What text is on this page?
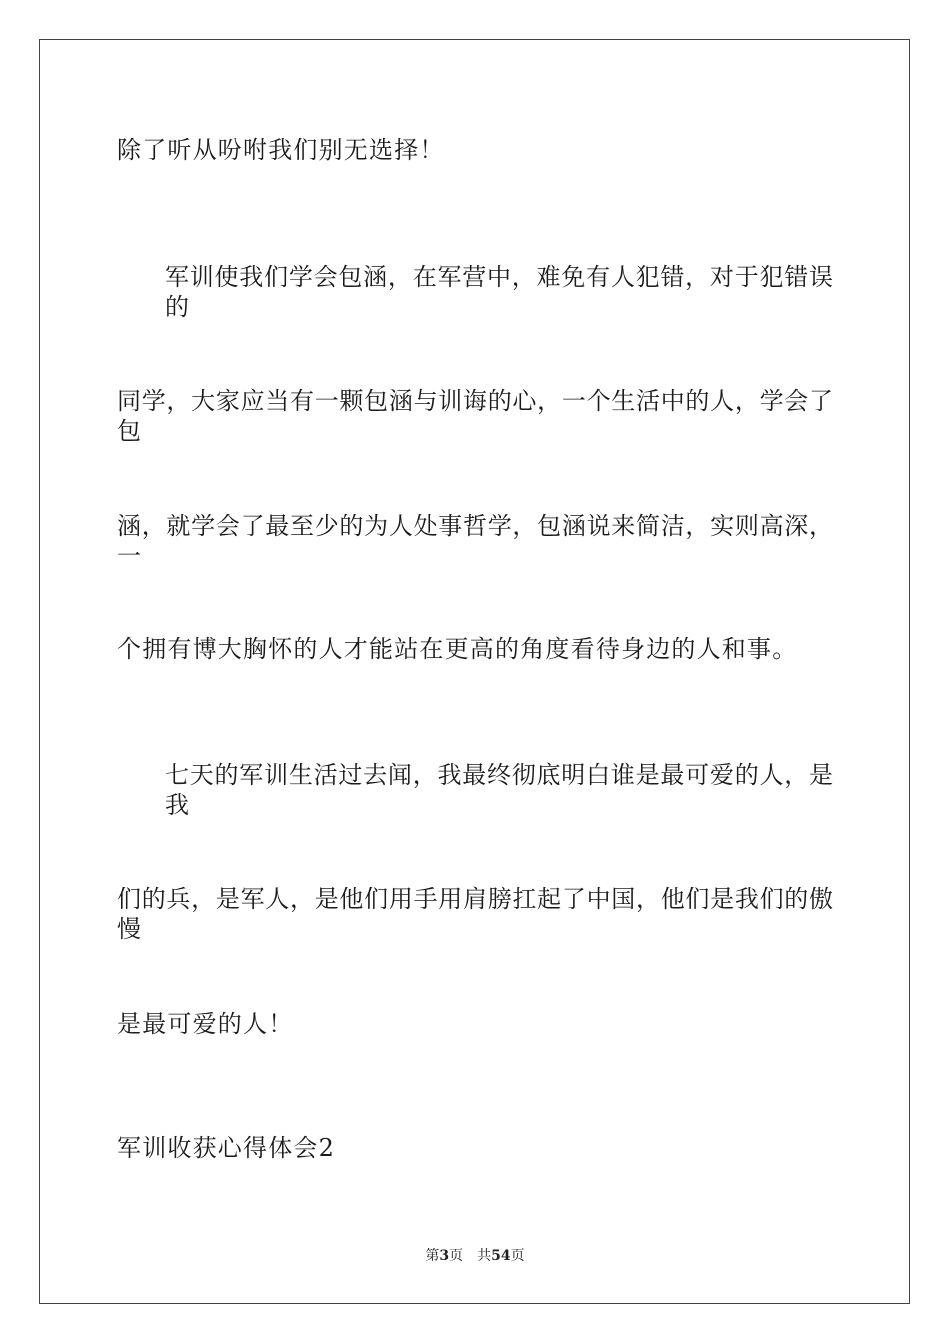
除了听从吩咐我们别无选择！
军训使我们学会包涵，在军营中，难免有人犯错，对于犯错误的
同学，大家应当有一颗包涵与训诲的心，一个生活中的人，学会了包
涵，就学会了最至少的为人处事哲学，包涵说来简洁，实则高深，一
个拥有博大胸怀的人才能站在更高的角度看待身边的人和事。
七天的军训生活过去闻，我最终彻底明白谁是最可爱的人，是我
们的兵，是军人，是他们用手用肩膀扛起了中国，他们是我们的傲慢
是最可爱的人！
军训收获心得体会2
第3页 共54页
